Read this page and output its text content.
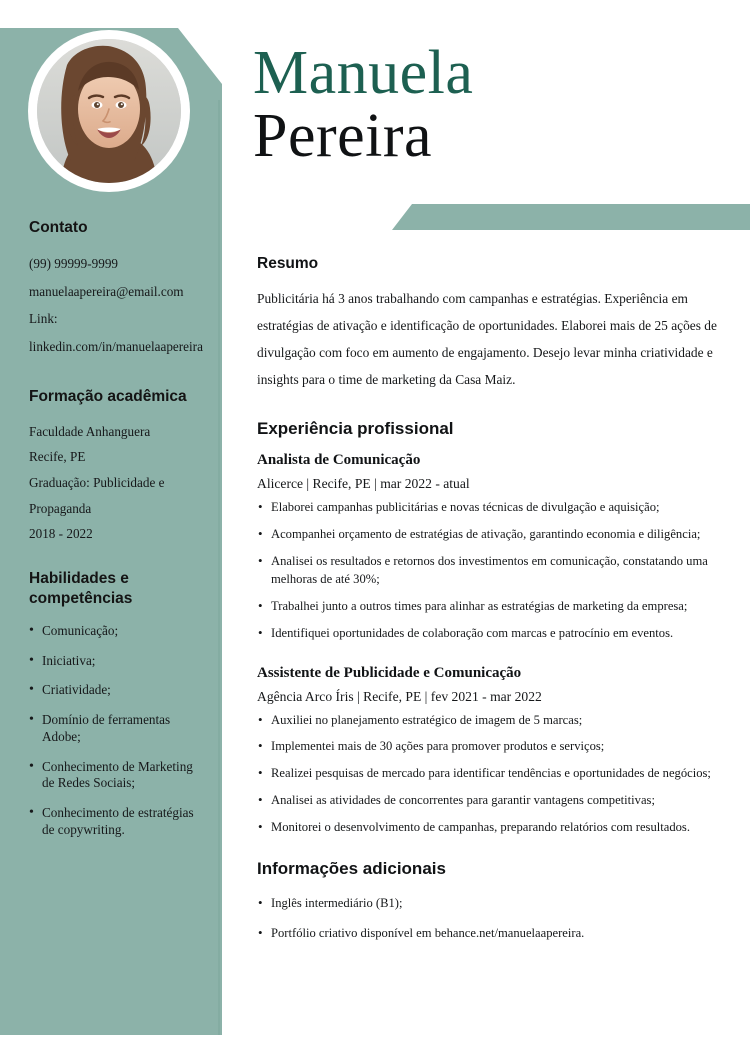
Contato

(99) 99999-9999

manuelaapereira@email.com

Link: linkedin.com/in/manuelaapereira

Formação acadêmica

Faculdade Anhanguera

Recife, PE

Graduação: Publicidade e Propaganda

2018 - 2022

Habilidades e competências
• Comunicação;
• Iniciativa;
• Criatividade;
• Domínio de ferramentas Adobe;
• Conhecimento de Marketing de Redes Sociais;
• Conhecimento de estratégias de copywriting.
Manuela
Pereira
Resumo

Publicitária há 3 anos trabalhando com campanhas e estratégias. Experiência em estratégias de ativação e identificação de oportunidades. Elaborei mais de 25 ações de divulgação com foco em aumento de engajamento. Desejo levar minha criatividade e insights para o time de marketing da Casa Maiz.

Experiência profissional
Analista de Comunicação
Alicerce | Recife, PE | mar 2022 - atual
• Elaborei campanhas publicitárias e novas técnicas de divulgação e aquisição;
• Acompanhei orçamento de estratégias de ativação, garantindo economia e diligência;
• Analisei os resultados e retornos dos investimentos em comunicação, constatando uma melhoras de até 30%;
• Trabalhei junto a outros times para alinhar as estratégias de marketing da empresa;
• Identifiquei oportunidades de colaboração com marcas e patrocínio em eventos.
Assistente de Publicidade e Comunicação
Agência Arco Íris | Recife, PE | fev 2021 - mar 2022
• Auxiliei no planejamento estratégico de imagem de 5 marcas;
• Implementei mais de 30 ações para promover produtos e serviços;
• Realizei pesquisas de mercado para identificar tendências e oportunidades de negócios;
• Analisei as atividades de concorrentes para garantir vantagens competitivas;
• Monitorei o desenvolvimento de campanhas, preparando relatórios com resultados.
Informações adicionais
• Inglês intermediário (B1);
• Portfólio criativo disponível em behance.net/manuelaapereira.
